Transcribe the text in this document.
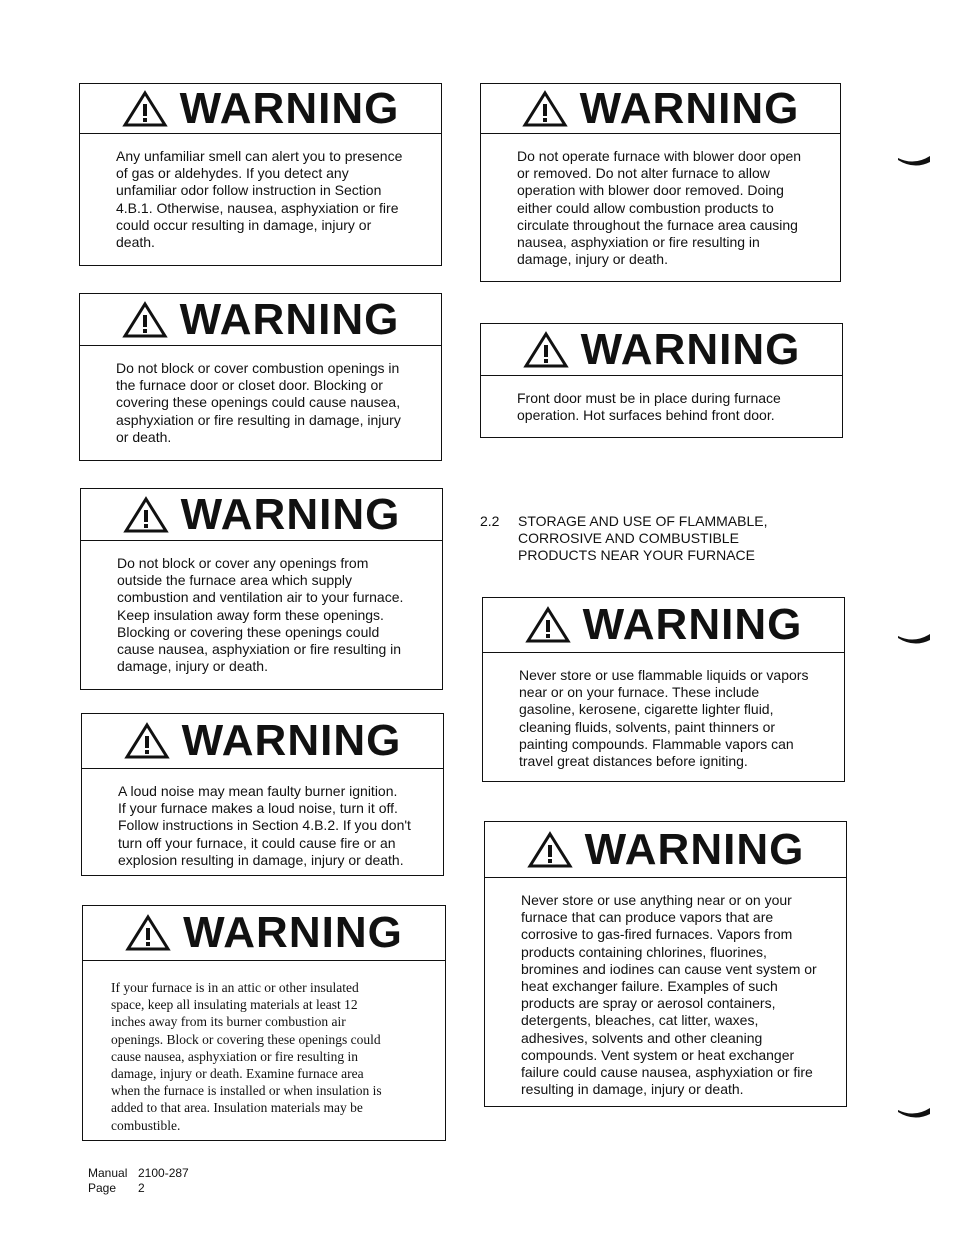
WARNING
Any unfamiliar smell can alert you to presence
of gas or aldehydes. If you detect any
unfamiliar odor follow instruction in Section
4.B.1. Otherwise, nausea, asphyxiation or fire
could occur resulting in damage, injury or
death.
WARNING
Do not operate furnace with blower door open
or removed. Do not alter furnace to allow
operation with blower door removed. Doing
either could allow combustion products to
circulate throughout the furnace area causing
nausea, asphyxiation or fire resulting in
damage, injury or death.
WARNING
Do not block or cover combustion openings in
the furnace door or closet door. Blocking or
covering these openings could cause nausea,
asphyxiation or fire resulting in damage, injury
or death.
WARNING
Front door must be in place during furnace
operation. Hot surfaces behind front door.
WARNING
Do not block or cover any openings from
outside the furnace area which supply
combustion and ventilation air to your furnace.
Keep insulation away form these openings.
Blocking or covering these openings could
cause nausea, asphyxiation or fire resulting in
damage, injury or death.
WARNING
A loud noise may mean faulty burner ignition.
If your furnace makes a loud noise, turn it off.
Follow instructions in Section 4.B.2. If you don't
turn off your furnace, it could cause fire or an
explosion resulting in damage, injury or death.
WARNING
If your furnace is in an attic or other insulated
space, keep all insulating materials at least 12
inches away from its burner combustion air
openings. Block or covering these openings could
cause nausea, asphyxiation or fire resulting in
damage, injury or death. Examine furnace area
when the furnace is installed or when insulation is
added to that area. Insulation materials may be
combustible.
WARNING
Never store or use flammable liquids or vapors
near or on your furnace. These include
gasoline, kerosene, cigarette lighter fluid,
cleaning fluids, solvents, paint thinners or
painting compounds. Flammable vapors can
travel great distances before igniting.
WARNING
Never store or use anything near or on your
furnace that can produce vapors that are
corrosive to gas-fired furnaces. Vapors from
products containing chlorines, fluorines,
bromines and iodines can cause vent system or
heat exchanger failure. Examples of such
products are spray or aerosol containers,
detergents, bleaches, cat litter, waxes,
adhesives, solvents and other cleaning
compounds. Vent system or heat exchanger
failure could cause nausea, asphyxiation or fire
resulting in damage, injury or death.
2.2 STORAGE AND USE OF FLAMMABLE,
CORROSIVE AND COMBUSTIBLE
PRODUCTS NEAR YOUR FURNACE
Manual 2100-287
Page 2
